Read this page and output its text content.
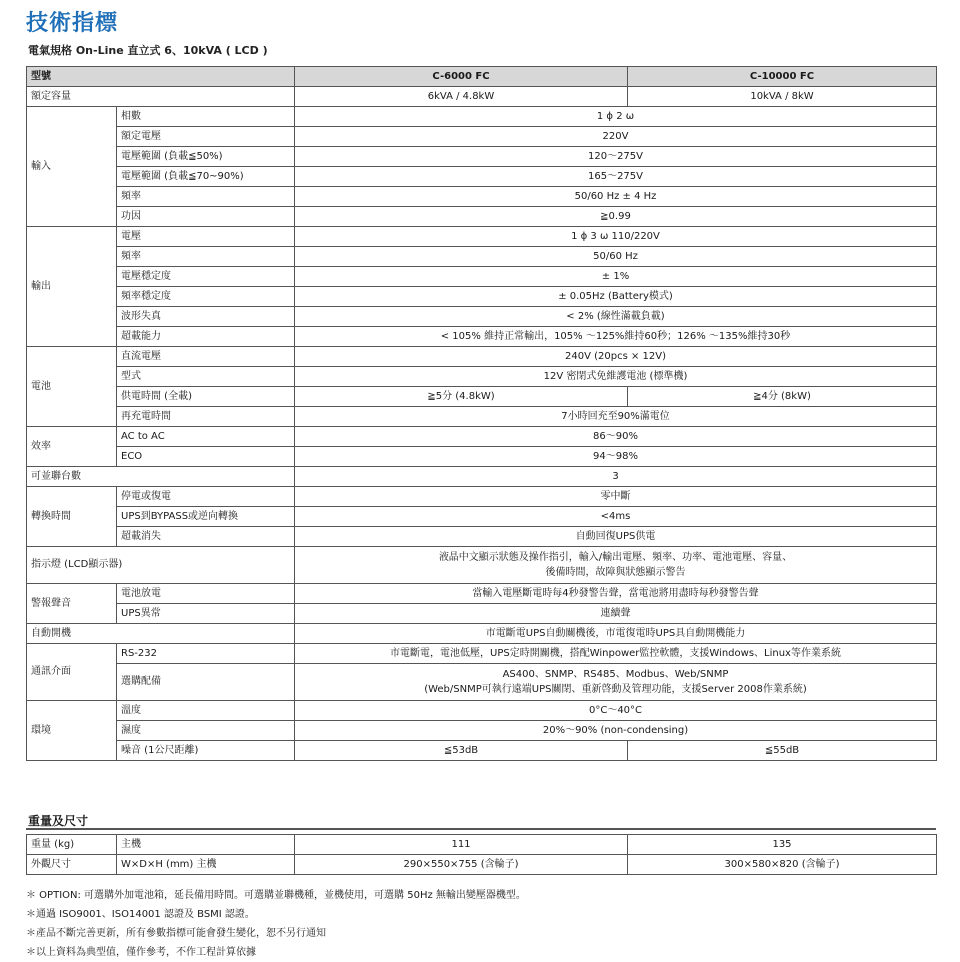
技術指標
電氣規格 On-Line 直立式 6、10kVA ( LCD )
型號		C-6000 FC	C-10000 FC
額定容量		6kVA / 4.8kW	10kVA / 8kW
輸入	相數	1 ϕ 2 ω	
	額定電壓	220V	
	電壓範圍 (負載≦50%)	120〜275V	
	電壓範圍 (負載≦70~90%)	165〜275V	
	頻率	50/60 Hz ± 4 Hz	
	功因	≧0.99	
輸出	電壓	1 ϕ 3 ω 110/220V	
	頻率	50/60 Hz	
	電壓穩定度	± 1%	
	頻率穩定度	± 0.05Hz (Battery模式)	
	波形失真	< 2% (線性滿載負載)	
	超載能力	< 105% 維持正常輸出，105% 〜125%維持60秒；126% 〜135%維持30秒	
電池	直流電壓	240V (20pcs × 12V)	
	型式	12V 密閉式免維護電池 (標準機)	
	供電時間 (全載)	≧5分 (4.8kW)	≧4分 (8kW)
	再充電時間	7小時回充至90%滿電位	
效率	AC to AC	86〜90%	
	ECO	94〜98%	
可並聯台數		3	
轉換時間	停電或復電	零中斷	
	UPS到BYPASS或逆向轉換	<4ms	
	超載消失	自動回復UPS供電	
指示燈 (LCD顯示器)		液晶中文顯示狀態及操作指引，輸入/輸出電壓、頻率、功率、電池電壓、容量、
後備時間，故障與狀態顯示警告	

警報聲音	電池放電	當輸入電壓斷電時每4秒發警告聲，當電池將用盡時每秒發警告聲	
	UPS異常	連續聲	
自動開機		市電斷電UPS自動關機後，市電復電時UPS具自動開機能力	
通訊介面	RS-232	市電斷電，電池低壓，UPS定時開關機，搭配Winpower監控軟體，支援Windows、Linux等作業系統	
	選購配備	AS400、SNMP、RS485、Modbus、Web/SNMP
(Web/SNMP可執行遠端UPS關閉、重新啓動及管理功能，支援Server 2008作業系統)	

環境	溫度	0°C〜40°C	
	濕度	20%〜90% (non-condensing)	
	噪音 (1公尺距離)	≦53dB	≦55dB
重量及尺寸
重量 (kg)	主機	111	135
外觀尺寸	W×D×H (mm) 主機	290×550×755 (含輪子)	300×580×820 (含輪子)
＊ OPTION: 可選購外加電池箱，延長備用時間。可選購並聯機種，並機使用，可選購 50Hz 無輸出變壓器機型。
＊通過 ISO9001、ISO14001 認證及 BSMI 認證。
＊產品不斷完善更新，所有參數指標可能會發生變化，恕不另行通知
＊以上資料為典型值，僅作參考，不作工程計算依據
